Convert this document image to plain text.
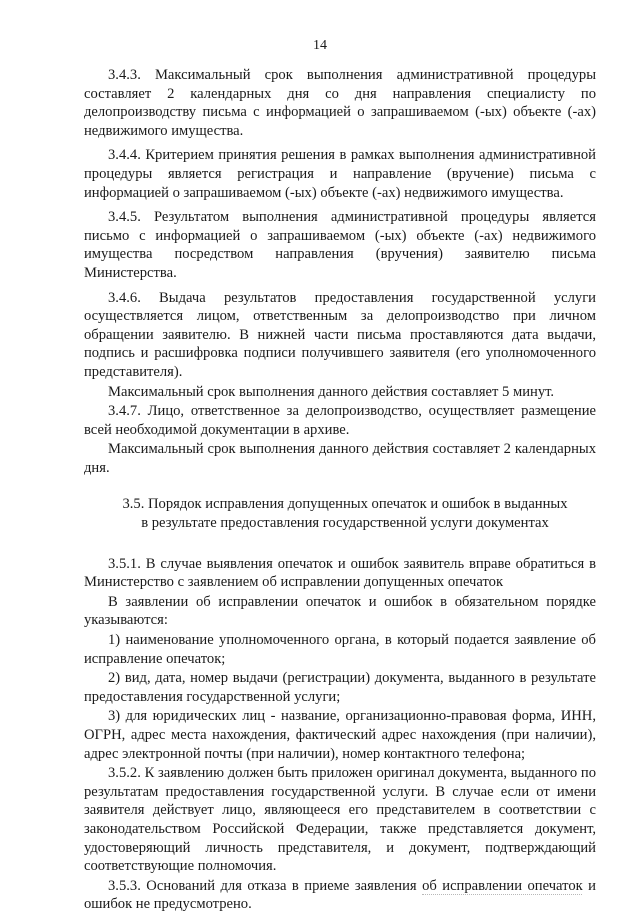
14

3.4.3. Максимальный срок выполнения административной процедуры составляет 2 календарных дня со дня направления специалисту по делопроизводству письма с информацией о запрашиваемом (-ых) объекте (-ах) недвижимого имущества.

3.4.4. Критерием принятия решения в рамках выполнения административной процедуры является регистрация и направление (вручение) письма с информацией о запрашиваемом (-ых) объекте (-ах) недвижимого имущества.

3.4.5. Результатом выполнения административной процедуры является письмо с информацией о запрашиваемом (-ых) объекте (-ах) недвижимого имущества посредством направления (вручения) заявителю письма Министерства.

3.4.6. Выдача результатов предоставления государственной услуги осуществляется лицом, ответственным за делопроизводство при личном обращении заявителю. В нижней части письма проставляются дата выдачи, подпись и расшифровка подписи получившего заявителя (его уполномоченного представителя).

Максимальный срок выполнения данного действия составляет 5 минут.

3.4.7. Лицо, ответственное за делопроизводство, осуществляет размещение всей необходимой документации в архиве.

Максимальный срок выполнения данного действия составляет 2 календарных дня.

3.5. Порядок исправления допущенных опечаток и ошибок в выданных в результате предоставления государственной услуги документах

3.5.1. В случае выявления опечаток и ошибок заявитель вправе обратиться в Министерство с заявлением об исправлении допущенных опечаток

В заявлении об исправлении опечаток и ошибок в обязательном порядке указываются:

1) наименование уполномоченного органа, в который подается заявление об исправление опечаток;

2) вид, дата, номер выдачи (регистрации) документа, выданного в результате предоставления государственной услуги;

3) для юридических лиц - название, организационно-правовая форма, ИНН, ОГРН, адрес места нахождения, фактический адрес нахождения (при наличии), адрес электронной почты (при наличии), номер контактного телефона;

3.5.2. К заявлению должен быть приложен оригинал документа, выданного по результатам предоставления государственной услуги. В случае если от имени заявителя действует лицо, являющееся его представителем в соответствии с законодательством Российской Федерации, также представляется документ, удостоверяющий личность представителя, и документ, подтверждающий соответствующие полномочия.

3.5.3. Оснований для отказа в приеме заявления об исправлении опечаток и ошибок не предусмотрено.
